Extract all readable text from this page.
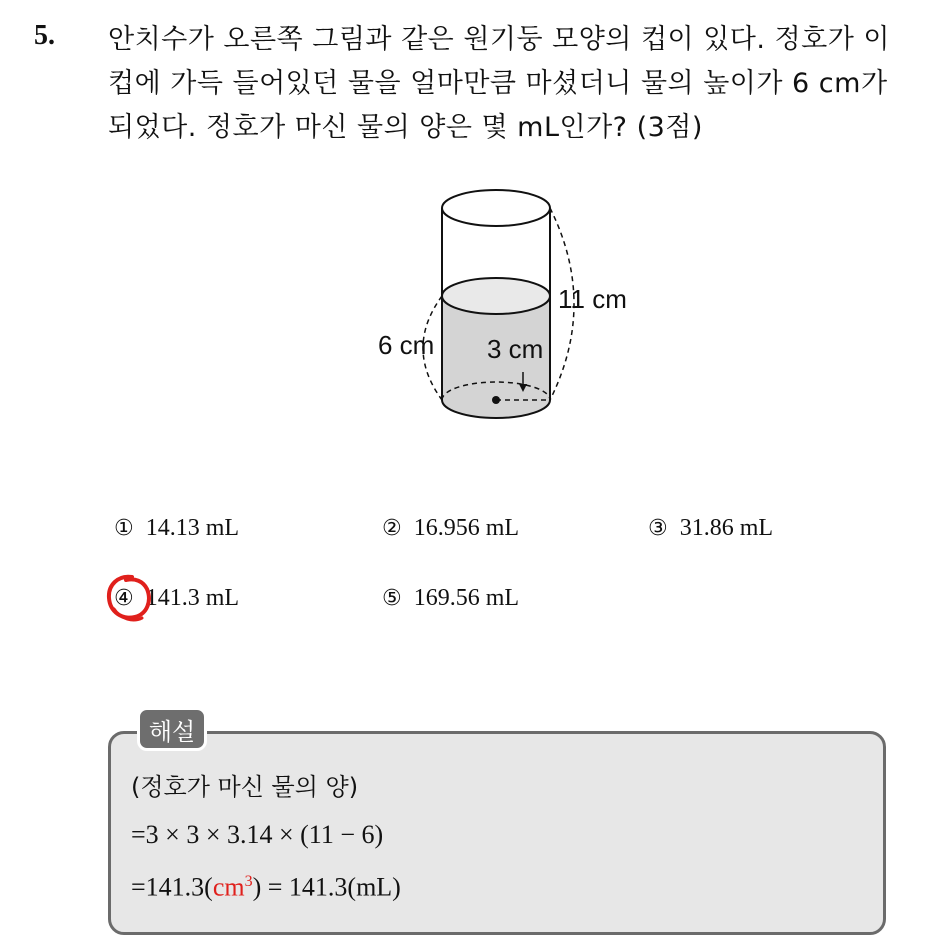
5. 안치수가 오른쪽 그림과 같은 원기둥 모양의 컵이 있다. 정호가 이
컵에 가득 들어있던 물을 얼마만큼 마셨더니 물의 높이가 6 cm가
되었다. 정호가 마신 물의 양은 몇 mL인가? (3점)
11 cm
6 cm 3 cm
① 14.13 mL	② 16.956 mL	③ 31.86 mL
④ 141.3 mL	⑤ 169.56 mL
해설
(정호가 마신 물의 양)
=3 × 3 × 3.14 × (11 − 6)
$=141.3(cm^3) = 141.3(mL)$
